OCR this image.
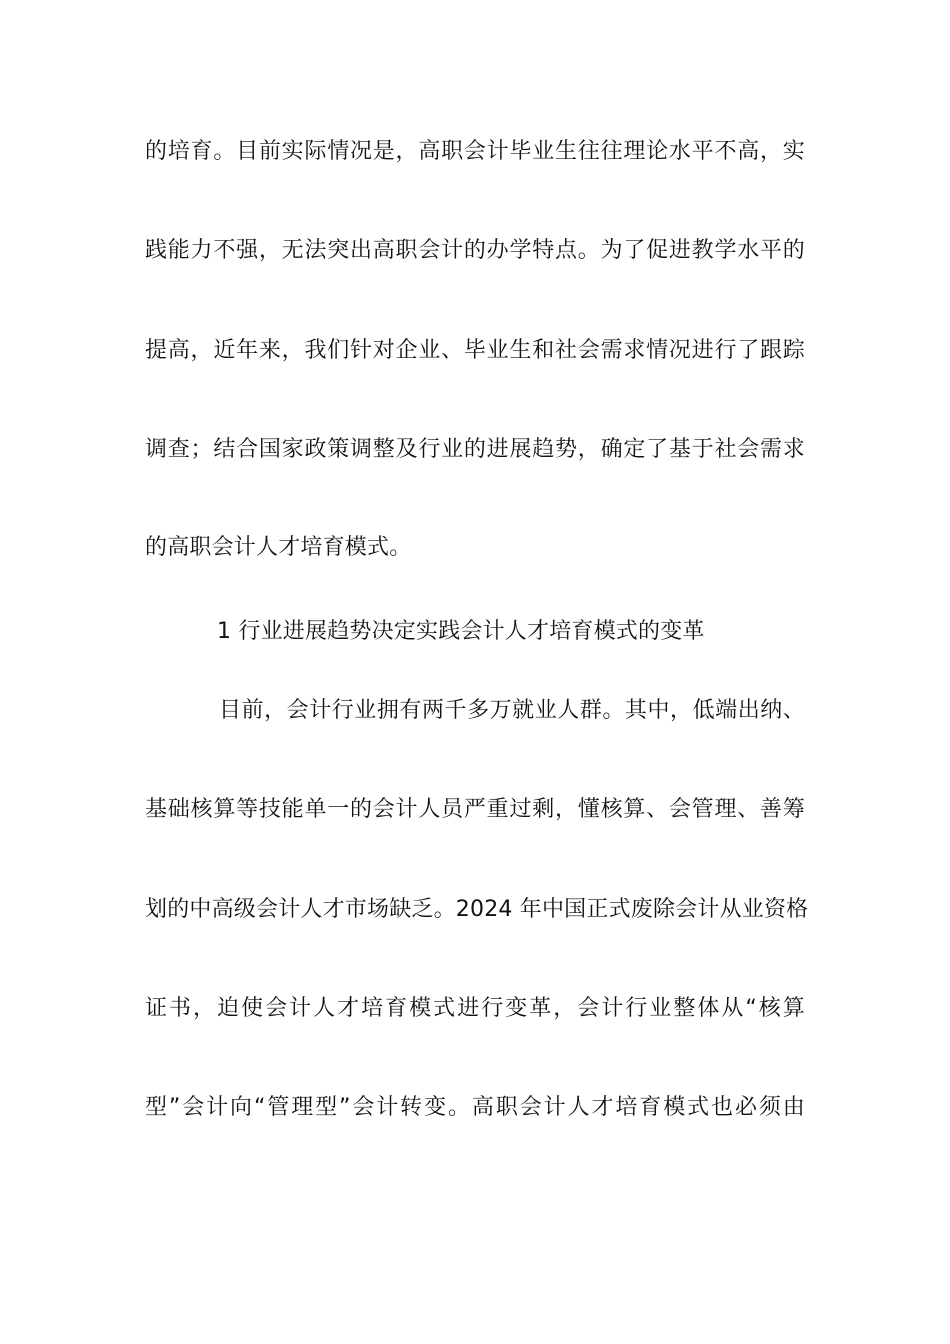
的培育。目前实际情况是，高职会计毕业生往往理论水平不高，实
践能力不强，无法突出高职会计的办学特点。为了促进教学水平的
提高，近年来，我们针对企业、毕业生和社会需求情况进行了跟踪
调查；结合国家政策调整及行业的进展趋势，确定了基于社会需求
的高职会计人才培育模式。
1 行业进展趋势决定实践会计人才培育模式的变革
目前，会计行业拥有两千多万就业人群。其中，低端出纳、
基础核算等技能单一的会计人员严重过剩，懂核算、会管理、善筹
划的中高级会计人才市场缺乏。2024 年中国正式废除会计从业资格
证书，迫使会计人才培育模式进行变革，会计行业整体从“核算
型”会计向“管理型”会计转变。高职会计人才培育模式也必须由
